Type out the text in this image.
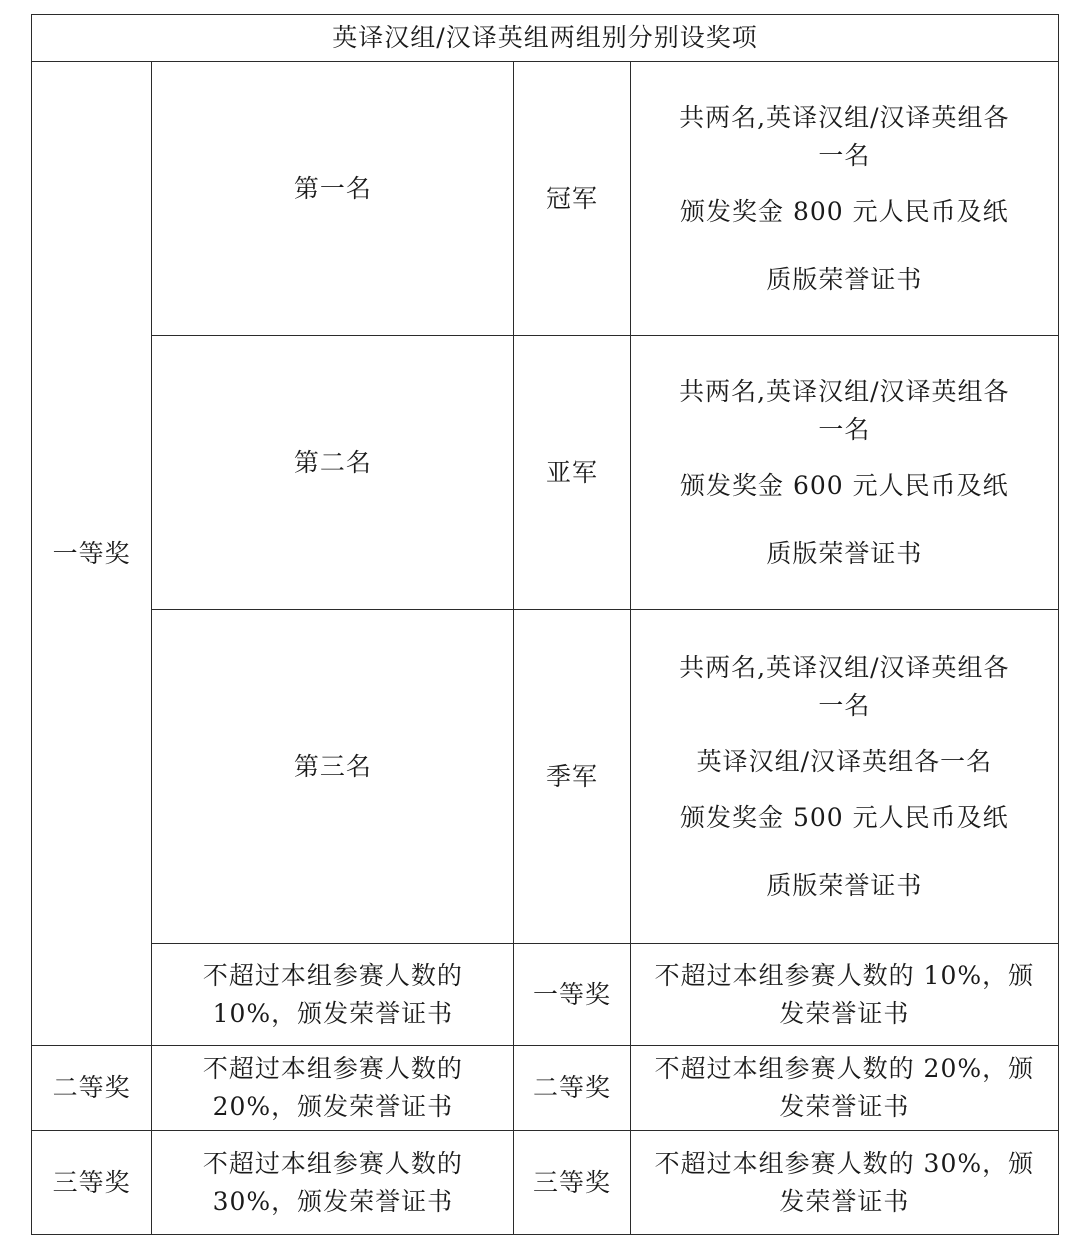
英译汉组/汉译英组两组别分别设奖项			
一等奖	第一名	冠军	共两名,英译汉组/汉译英组各
一名
颁发奖金 800 元人民币及纸
质版荣誉证书

	第二名	亚军	共两名,英译汉组/汉译英组各
一名
颁发奖金 600 元人民币及纸
质版荣誉证书

	第三名	季军	共两名,英译汉组/汉译英组各
一名
英译汉组/汉译英组各一名
颁发奖金 500 元人民币及纸
质版荣誉证书

	不超过本组参赛人数的
10%，颁发荣誉证书	一等奖	不超过本组参赛人数的 10%，颁
发荣誉证书

二等奖	不超过本组参赛人数的
20%，颁发荣誉证书	二等奖	不超过本组参赛人数的 20%，颁
发荣誉证书

三等奖	不超过本组参赛人数的
30%，颁发荣誉证书	三等奖	不超过本组参赛人数的 30%，颁
发荣誉证书
